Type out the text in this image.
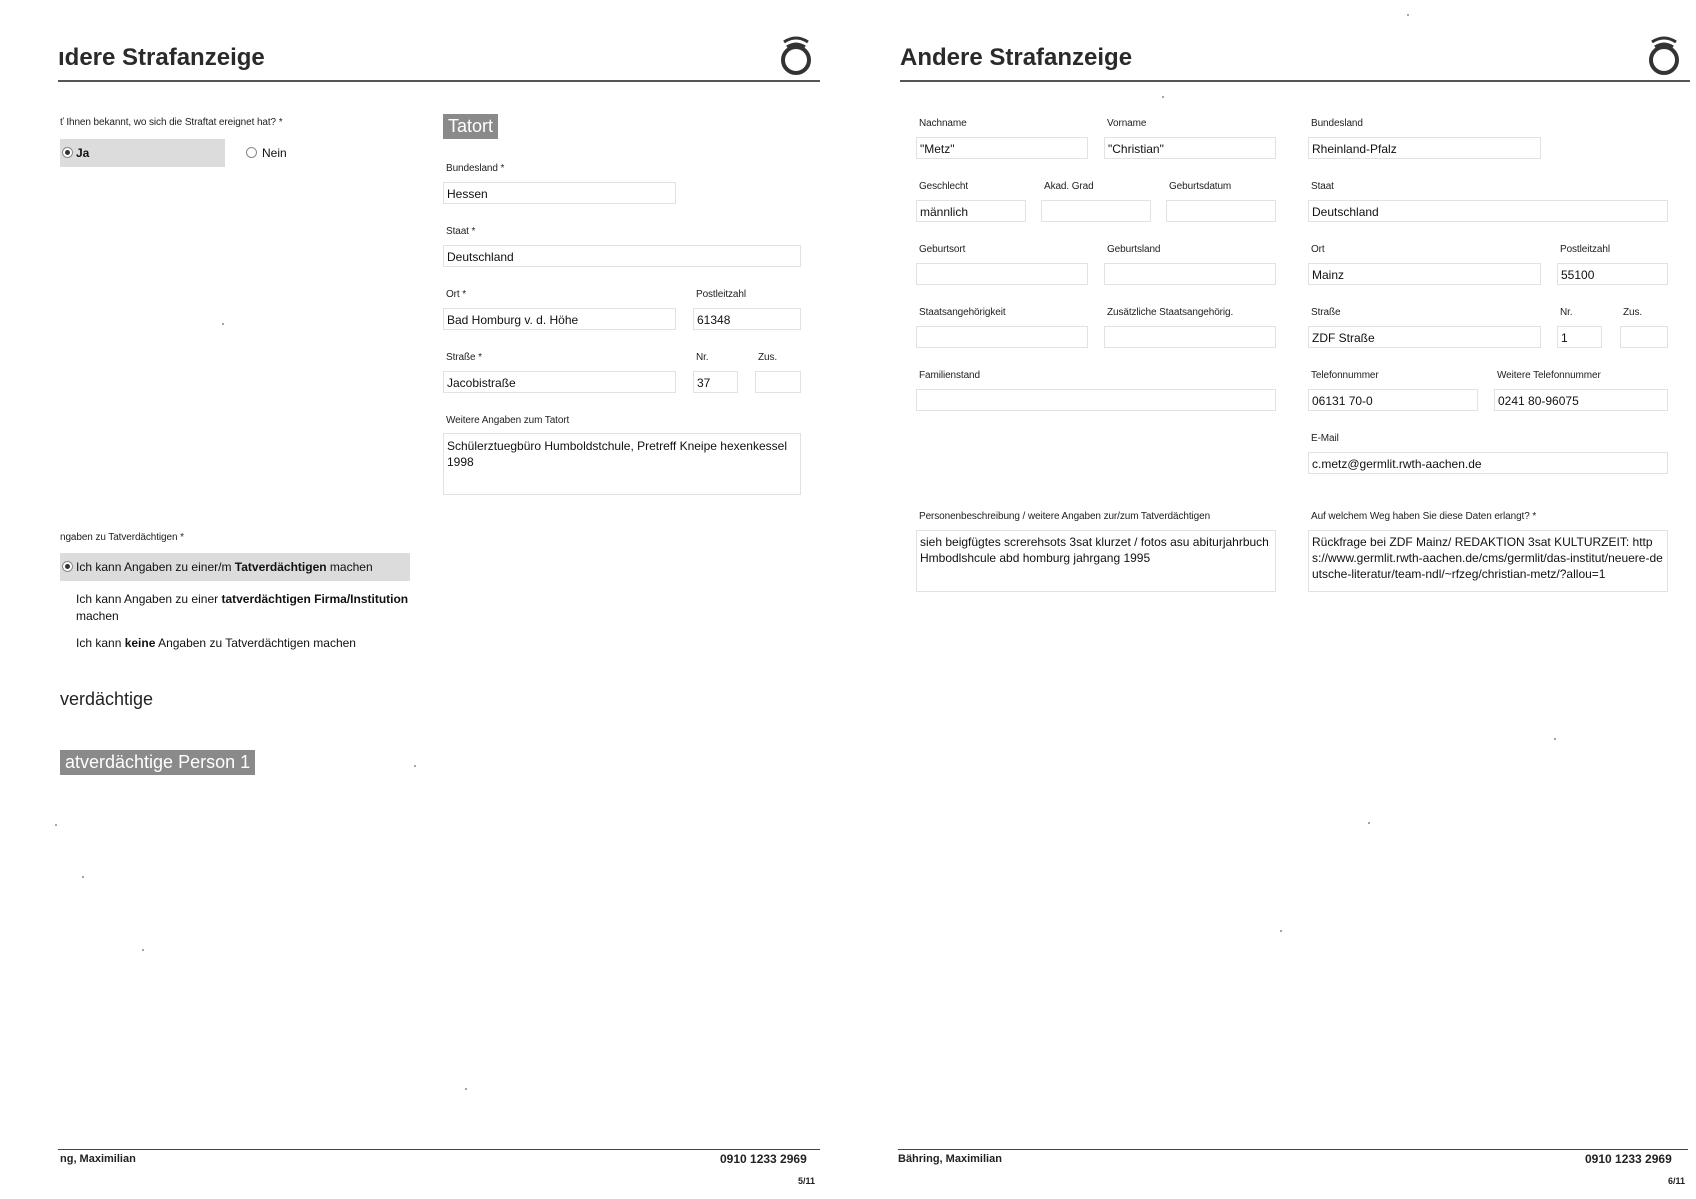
ıdere Strafanzeige
ť Ihnen bekannt, wo sich die Straftat ereignet hat? *
Ja	Nein
Tatort
Bundesland *
Hessen
Staat *
Deutschland
Ort *
Bad Homburg v. d. Höhe
Postleitzahl
61348
Straße *
Jacobistraße
Nr.
37
Zus.
Weitere Angaben zum Tatort
Schülerztuegbüro Humboldstchule, Pretreff Kneipe hexenkessel 1998
ngaben zu Tatverdächtigen *
Ich kann Angaben zu einer/m Tatverdächtigen machen
Ich kann Angaben zu einer tatverdächtigen Firma/Institution
machen
Ich kann keine Angaben zu Tatverdächtigen machen
verdächtige
atverdächtige Person 1
ng, Maximilian	0910 1233 2969
5/11
Andere Strafanzeige
Nachname
"Metz"
Vorname
"Christian"
Geschlecht
männlich
Akad. Grad	Geburtsdatum
Geburtsort	Geburtsland
Staatsangehörigkeit	Zusätzliche Staatsangehörig.
Familienstand
Bundesland
Rheinland-Pfalz
Staat
Deutschland
Ort
Mainz
Postleitzahl
55100
Straße
ZDF Straße
Nr.
1
Zus.
Telefonnummer
06131 70-0
Weitere Telefonnummer
0241 80-96075
E-Mail
c.metz@germlit.rwth-aachen.de
Personenbeschreibung / weitere Angaben zur/zum Tatverdächtigen
sieh beigfügtes screrehsots 3sat klurzet / fotos asu abiturjahrbuch Hmbodlshcule abd homburg jahrgang 1995
Auf welchem Weg haben Sie diese Daten erlangt? *
Rückfrage bei ZDF Mainz/ REDAKTION 3sat KULTURZEIT: https://www.germlit.rwth-aachen.de/cms/germlit/das-institut/neuere-deutsche-literatur/team-ndl/~rfzeg/christian-metz/?allou=1
Bähring, Maximilian	0910 1233 2969
6/11
